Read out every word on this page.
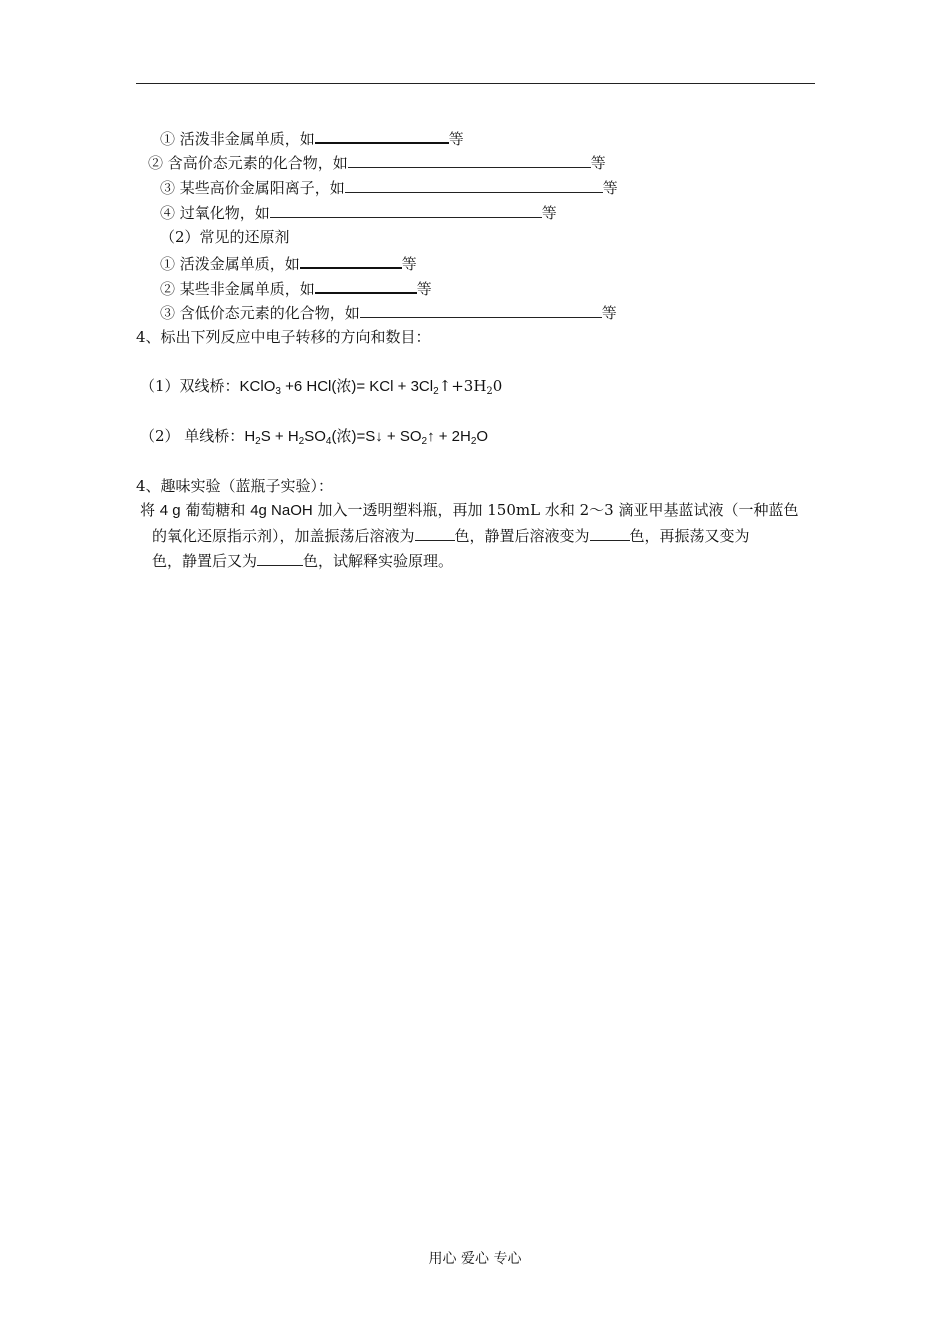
① 活泼非金属单质，如	等
② 含高价态元素的化合物，如	等
③ 某些高价金属阳离子，如	等
④ 过氧化物，如	等
（2）常见的还原剂
① 活泼金属单质，如	等
② 某些非金属单质，如	等
③ 含低价态元素的化合物，如	等
4、标出下列反应中电子转移的方向和数目：
（1）双线桥：KClO$_3$ +6 HCl(浓)= KCl + $3Cl_2↑+3H_20$
（2） 单线桥：$H_2S + H_2SO_4$(浓)=S↓ + $SO_2↑ + 2H_2O$
4、趣味实验（蓝瓶子实验）：
将 4 g 葡萄糖和 4g NaOH 加入一透明塑料瓶，再加 150mL 水和 2～3 滴亚甲基蓝试液（一种蓝色
的氧化还原指示剂），加盖振荡后溶液为	色，静置后溶液变为	色，再振荡又变为
色，静置后又为	色，试解释实验原理。
用心 爱心 专心
